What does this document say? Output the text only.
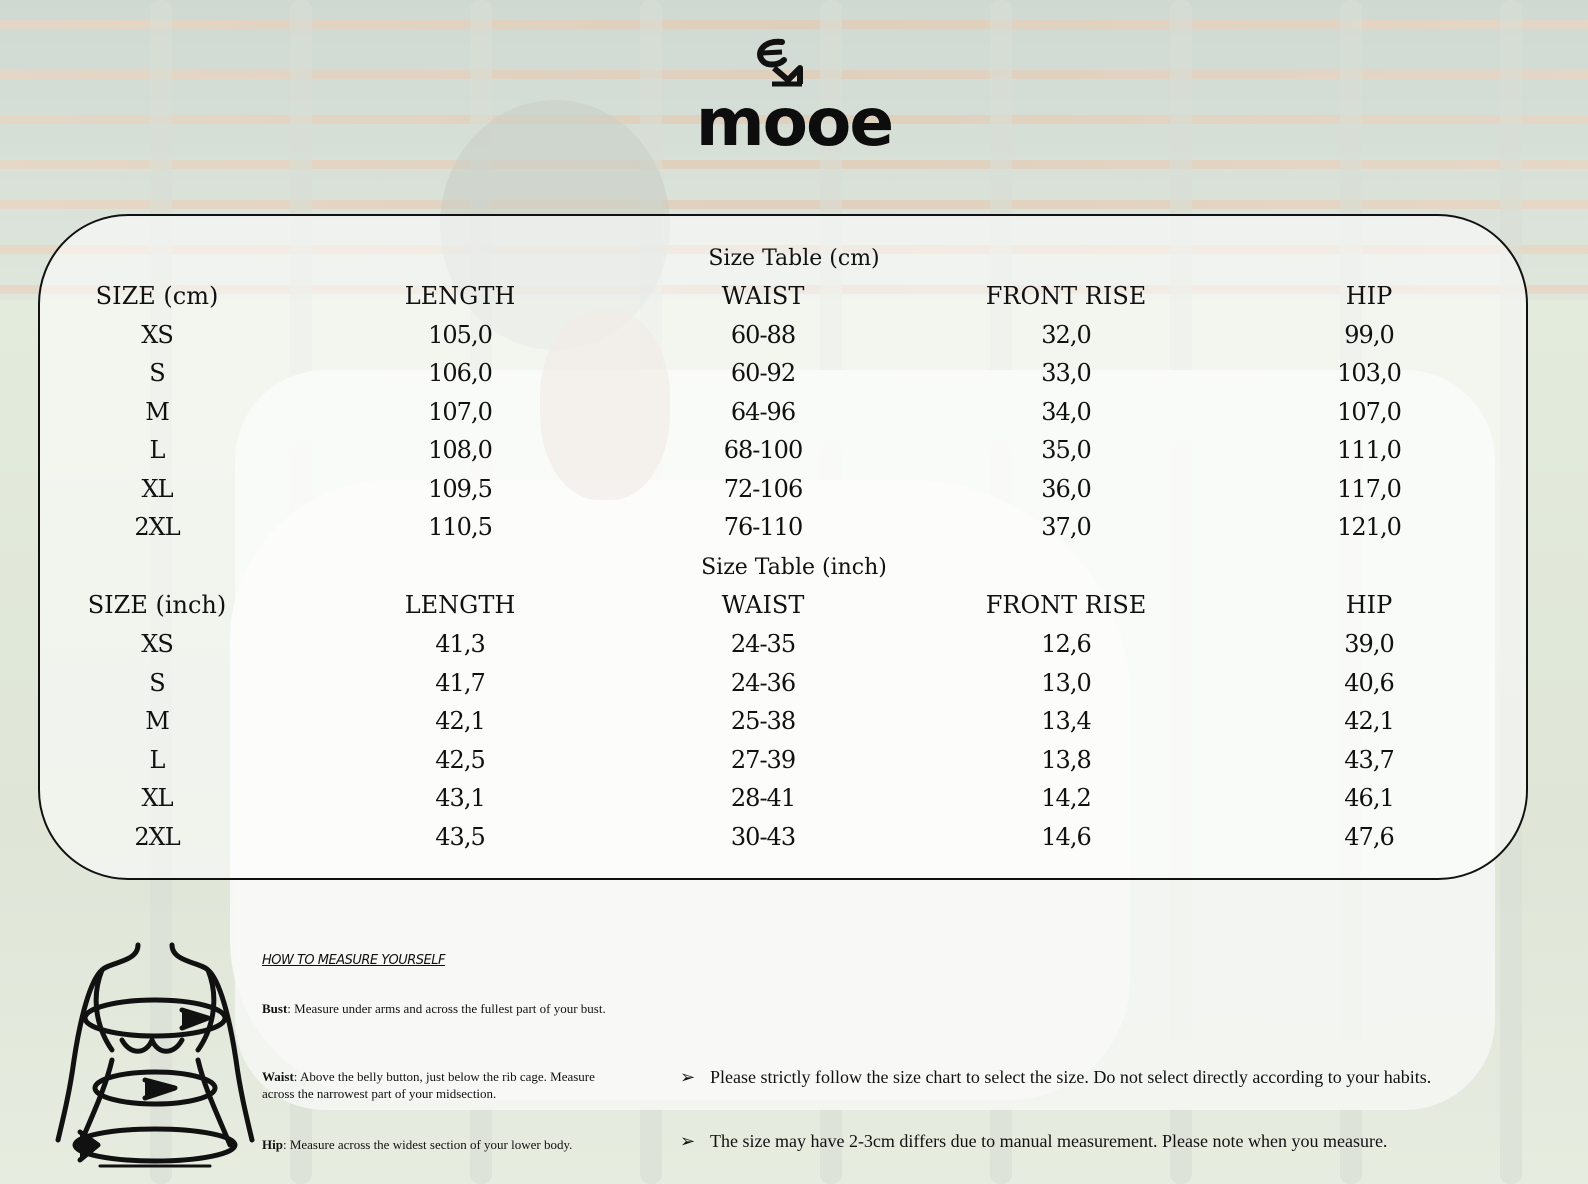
mooe
Size Table (cm)
SIZE (cm)	LENGTH	WAIST	FRONT RISE	HIP
XS	105,0	60-88	32,0	99,0
S	106,0	60-92	33,0	103,0
M	107,0	64-96	34,0	107,0
L	108,0	68-100	35,0	111,0
XL	109,5	72-106	36,0	117,0
2XL	110,5	76-110	37,0	121,0
Size Table (inch)
SIZE (inch)	LENGTH	WAIST	FRONT RISE	HIP
XS	41,3	24-35	12,6	39,0
S	41,7	24-36	13,0	40,6
M	42,1	25-38	13,4	42,1
L	42,5	27-39	13,8	43,7
XL	43,1	28-41	14,2	46,1
2XL	43,5	30-43	14,6	47,6
HOW TO MEASURE YOURSELF
Bust: Measure under arms and across the fullest part of your bust.
Waist: Above the belly button, just below the rib cage. Measure across the narrowest part of your midsection.
Hip: Measure across the widest section of your lower body.
➢ Please strictly follow the size chart to select the size. Do not select directly according to your habits.
➢ The size may have 2-3cm differs due to manual measurement. Please note when you measure.
